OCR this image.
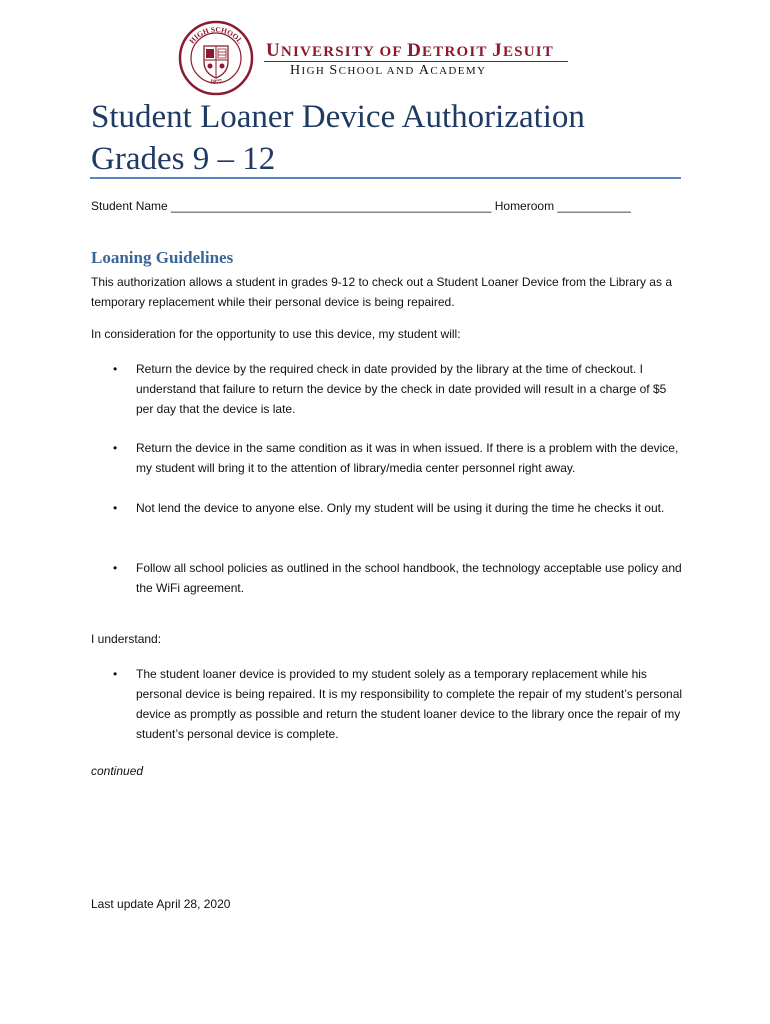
HIGH SCHOOL
1877
UNIVERSITY OF DETROIT JESUIT
HIGH SCHOOL AND ACADEMY
Student Loaner Device Authorization
Grades 9 – 12
Student Name ________________________________________________ Homeroom ___________
Loaning Guidelines

This authorization allows a student in grades 9-12 to check out a Student Loaner Device from the Library as a temporary replacement while their personal device is being repaired.

In consideration for the opportunity to use this device, my student will:

• Return the device by the required check in date provided by the library at the time of checkout. I understand that failure to return the device by the check in date provided will result in a charge of $5 per day that the device is late.
• Return the device in the same condition as it was in when issued. If there is a problem with the device, my student will bring it to the attention of library/media center personnel right away.
• Not lend the device to anyone else. Only my student will be using it during the time he checks it out.
• Follow all school policies as outlined in the school handbook, the technology acceptable use policy and the WiFi agreement.

I understand:

• The student loaner device is provided to my student solely as a temporary replacement while his personal device is being repaired. It is my responsibility to complete the repair of my student’s personal device as promptly as possible and return the student loaner device to the library once the repair of my student’s personal device is complete.
continued
Last update April 28, 2020
